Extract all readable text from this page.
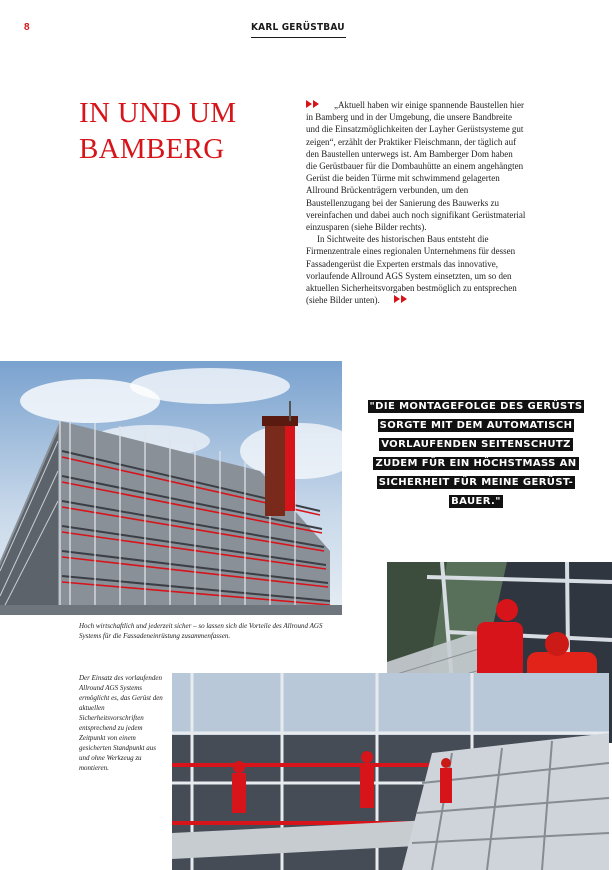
8	KARL GERÜSTBAU
IN UND UM
BAMBERG

„Aktuell haben wir einige spannende Baustellen hier in Bamberg und in der Umgebung, die unsere Bandbreite und die Einsatzmöglichkeiten der Layher Gerüstsysteme gut zeigen“, erzählt der Praktiker Fleischmann, der täglich auf den Baustellen unterwegs ist. Am Bamberger Dom haben die Gerüstbauer für die Dombauhütte an einem angehängten Gerüst die beiden Türme mit schwimmend gelagerten Allround Brückenträgern verbunden, um den Baustellenzugang bei der Sanierung des Bauwerks zu vereinfachen und dabei auch noch signifikant Gerüstmaterial einzusparen (siehe Bilder rechts).

In Sichtweite des historischen Baus entsteht die Firmenzentrale eines regionalen Unternehmens für dessen Fassadengerüst die Experten erstmals das innovative, vorlaufende Allround AGS System einsetzten, um so den aktuellen Sicherheitsvorgaben bestmöglich zu entsprechen (siehe Bilder unten).

Hoch wirtschaftlich und jederzeit sicher – so lassen sich die Vorteile des Allround AGS Systems für die Fassadeneinrüstung zusammenfassen.
"DIE MONTAGEFOLGE DES GERÜSTS
SORGTE MIT DEM AUTOMATISCH
VORLAUFENDEN SEITENSCHUTZ
ZUDEM FÜR EIN HÖCHSTMASS AN
SICHERHEIT FÜR MEINE GERÜST-
BAUER."
Der Einsatz des vorlaufenden Allround AGS Systems ermöglicht es, das Gerüst den aktuellen Sicherheitsvorschriften entsprechend zu jedem Zeitpunkt von einem gesicherten Standpunkt aus und ohne Werkzeug zu montieren.
